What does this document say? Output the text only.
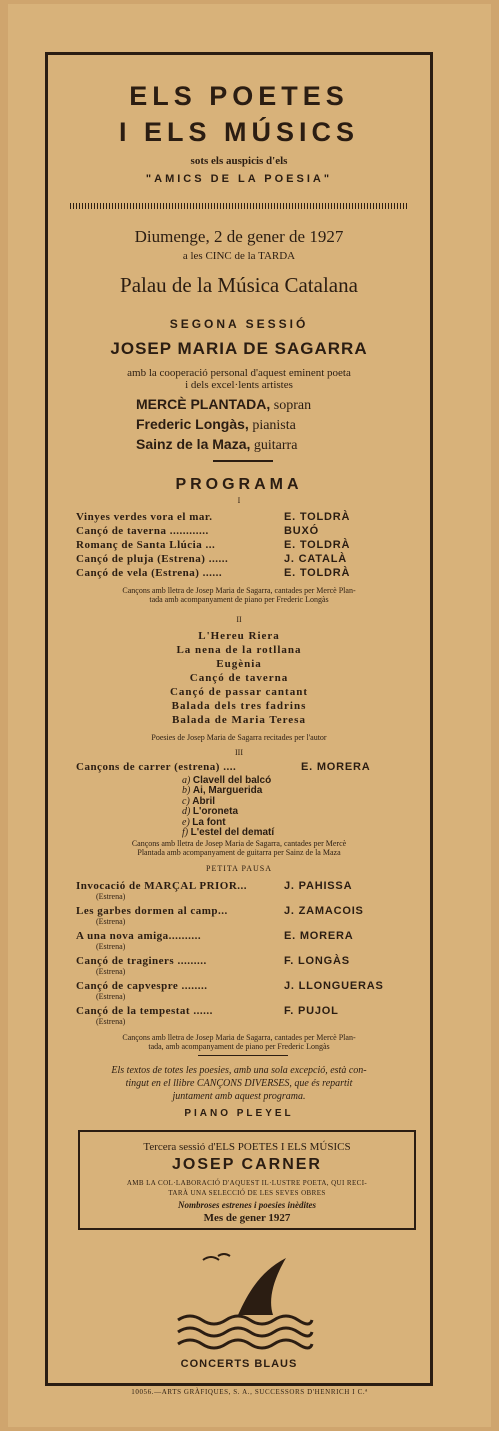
ELS POETES
I ELS MÚSICS
sots els auspicis d'els
"AMICS DE LA POESIA"
Diumenge, 2 de gener de 1927
a les CINC de la TARDA
Palau de la Música Catalana
SEGONA SESSIÓ
JOSEP MARIA DE SAGARRA
amb la cooperació personal d'aquest eminent poeta
i dels excel·lents artistes
MERCÈ PLANTADA, sopran
Frederic Longàs, pianista
Sainz de la Maza, guitarra
PROGRAMA
I
Vinyes verdes vora el mar.	E. TOLDRÀ
Cançó de taverna ............	BUXÓ
Romanç de Santa Llúcia ...	E. TOLDRÀ
Cançó de pluja (Estrena) ......	J. CATALÀ
Cançó de vela (Estrena) ......	E. TOLDRÀ
Cançons amb lletra de Josep Maria de Sagarra, cantades per Mercè Plan-
tada amb acompanyament de piano per Frederic Longàs
II
L'Hereu Riera
La nena de la rotllana
Eugènia
Cançó de taverna
Cançó de passar cantant
Balada dels tres fadrins
Balada de Maria Teresa
Poesies de Josep Maria de Sagarra recitades per l'autor
III
Cançons de carrer (estrena) ....	E. MORERA
a) Clavell del balcó
b) Ai, Marguerida
c) Abril
d) L'oroneta
e) La font
f) L'estel del dematí
Cançons amb lletra de Josep Maria de Sagarra, cantades per Mercè
Plantada amb acompanyament de guitarra per Sainz de la Maza
PETITA PAUSA
Invocació de MARÇAL PRIOR...	J. PAHISSA
(Estrena)
Les garbes dormen al camp...	J. ZAMACOIS
(Estrena)
A una nova amiga..........	E. MORERA
(Estrena)
Cançó de traginers .........	F. LONGÀS
(Estrena)
Cançó de capvespre ........	J. LLONGUERAS
(Estrena)
Cançó de la tempestat ......	F. PUJOL
(Estrena)
Cançons amb lletra de Josep Maria de Sagarra, cantades per Mercè Plan-
tada, amb acompanyament de piano per Frederic Longàs
Els textos de totes les poesies, amb una sola excepció, està con-
tingut en el llibre CANÇONS DIVERSES, que és repartit
juntament amb aquest programa.
PIANO PLEYEL
Tercera sessió d'ELS POETES I ELS MÚSICS
JOSEP CARNER
AMB LA COL·LABORACIÓ D'AQUEST IL·LUSTRE POETA, QUI RECI-
TARÀ UNA SELECCIÓ DE LES SEVES OBRES
Nombroses estrenes i poesies inèdites
Mes de gener 1927
CONCERTS BLAUS
10056.—ARTS GRÀFIQUES, S. A., SUCCESSORS D'HENRICH I C.ª
